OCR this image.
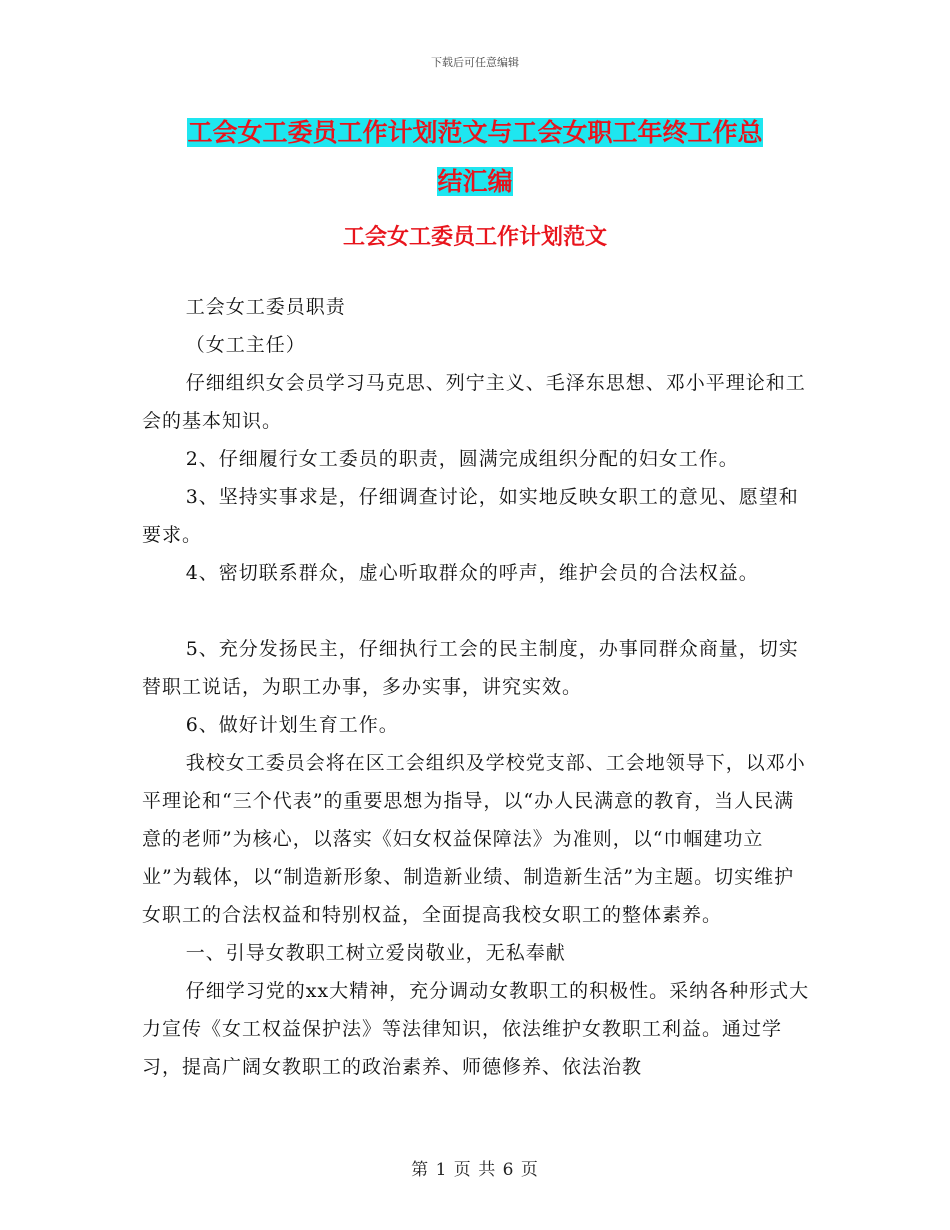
下载后可任意编辑
工会女工委员工作计划范文与工会女职工年终工作总
结汇编
工会女工委员工作计划范文

工会女工委员职责

（女工主任）

仔细组织女会员学习马克思、列宁主义、毛泽东思想、邓小平理论和工会的基本知识。

2、仔细履行女工委员的职责，圆满完成组织分配的妇女工作。

3、坚持实事求是，仔细调查讨论，如实地反映女职工的意见、愿望和要求。

4、密切联系群众，虚心听取群众的呼声，维护会员的合法权益。

5、充分发扬民主，仔细执行工会的民主制度，办事同群众商量，切实替职工说话，为职工办事，多办实事，讲究实效。

6、做好计划生育工作。

我校女工委员会将在区工会组织及学校党支部、工会地领导下，以邓小平理论和“三个代表”的重要思想为指导，以“办人民满意的教育，当人民满意的老师”为核心，以落实《妇女权益保障法》为准则，以“巾帼建功立业”为载体，以“制造新形象、制造新业绩、制造新生活”为主题。切实维护女职工的合法权益和特别权益，全面提高我校女职工的整体素养。

一、引导女教职工树立爱岗敬业，无私奉献

仔细学习党的xx大精神，充分调动女教职工的积极性。采纳各种形式大力宣传《女工权益保护法》等法律知识，依法维护女教职工利益。通过学习，提高广阔女教职工的政治素养、师德修养、依法治教

第 1 页 共 6 页
